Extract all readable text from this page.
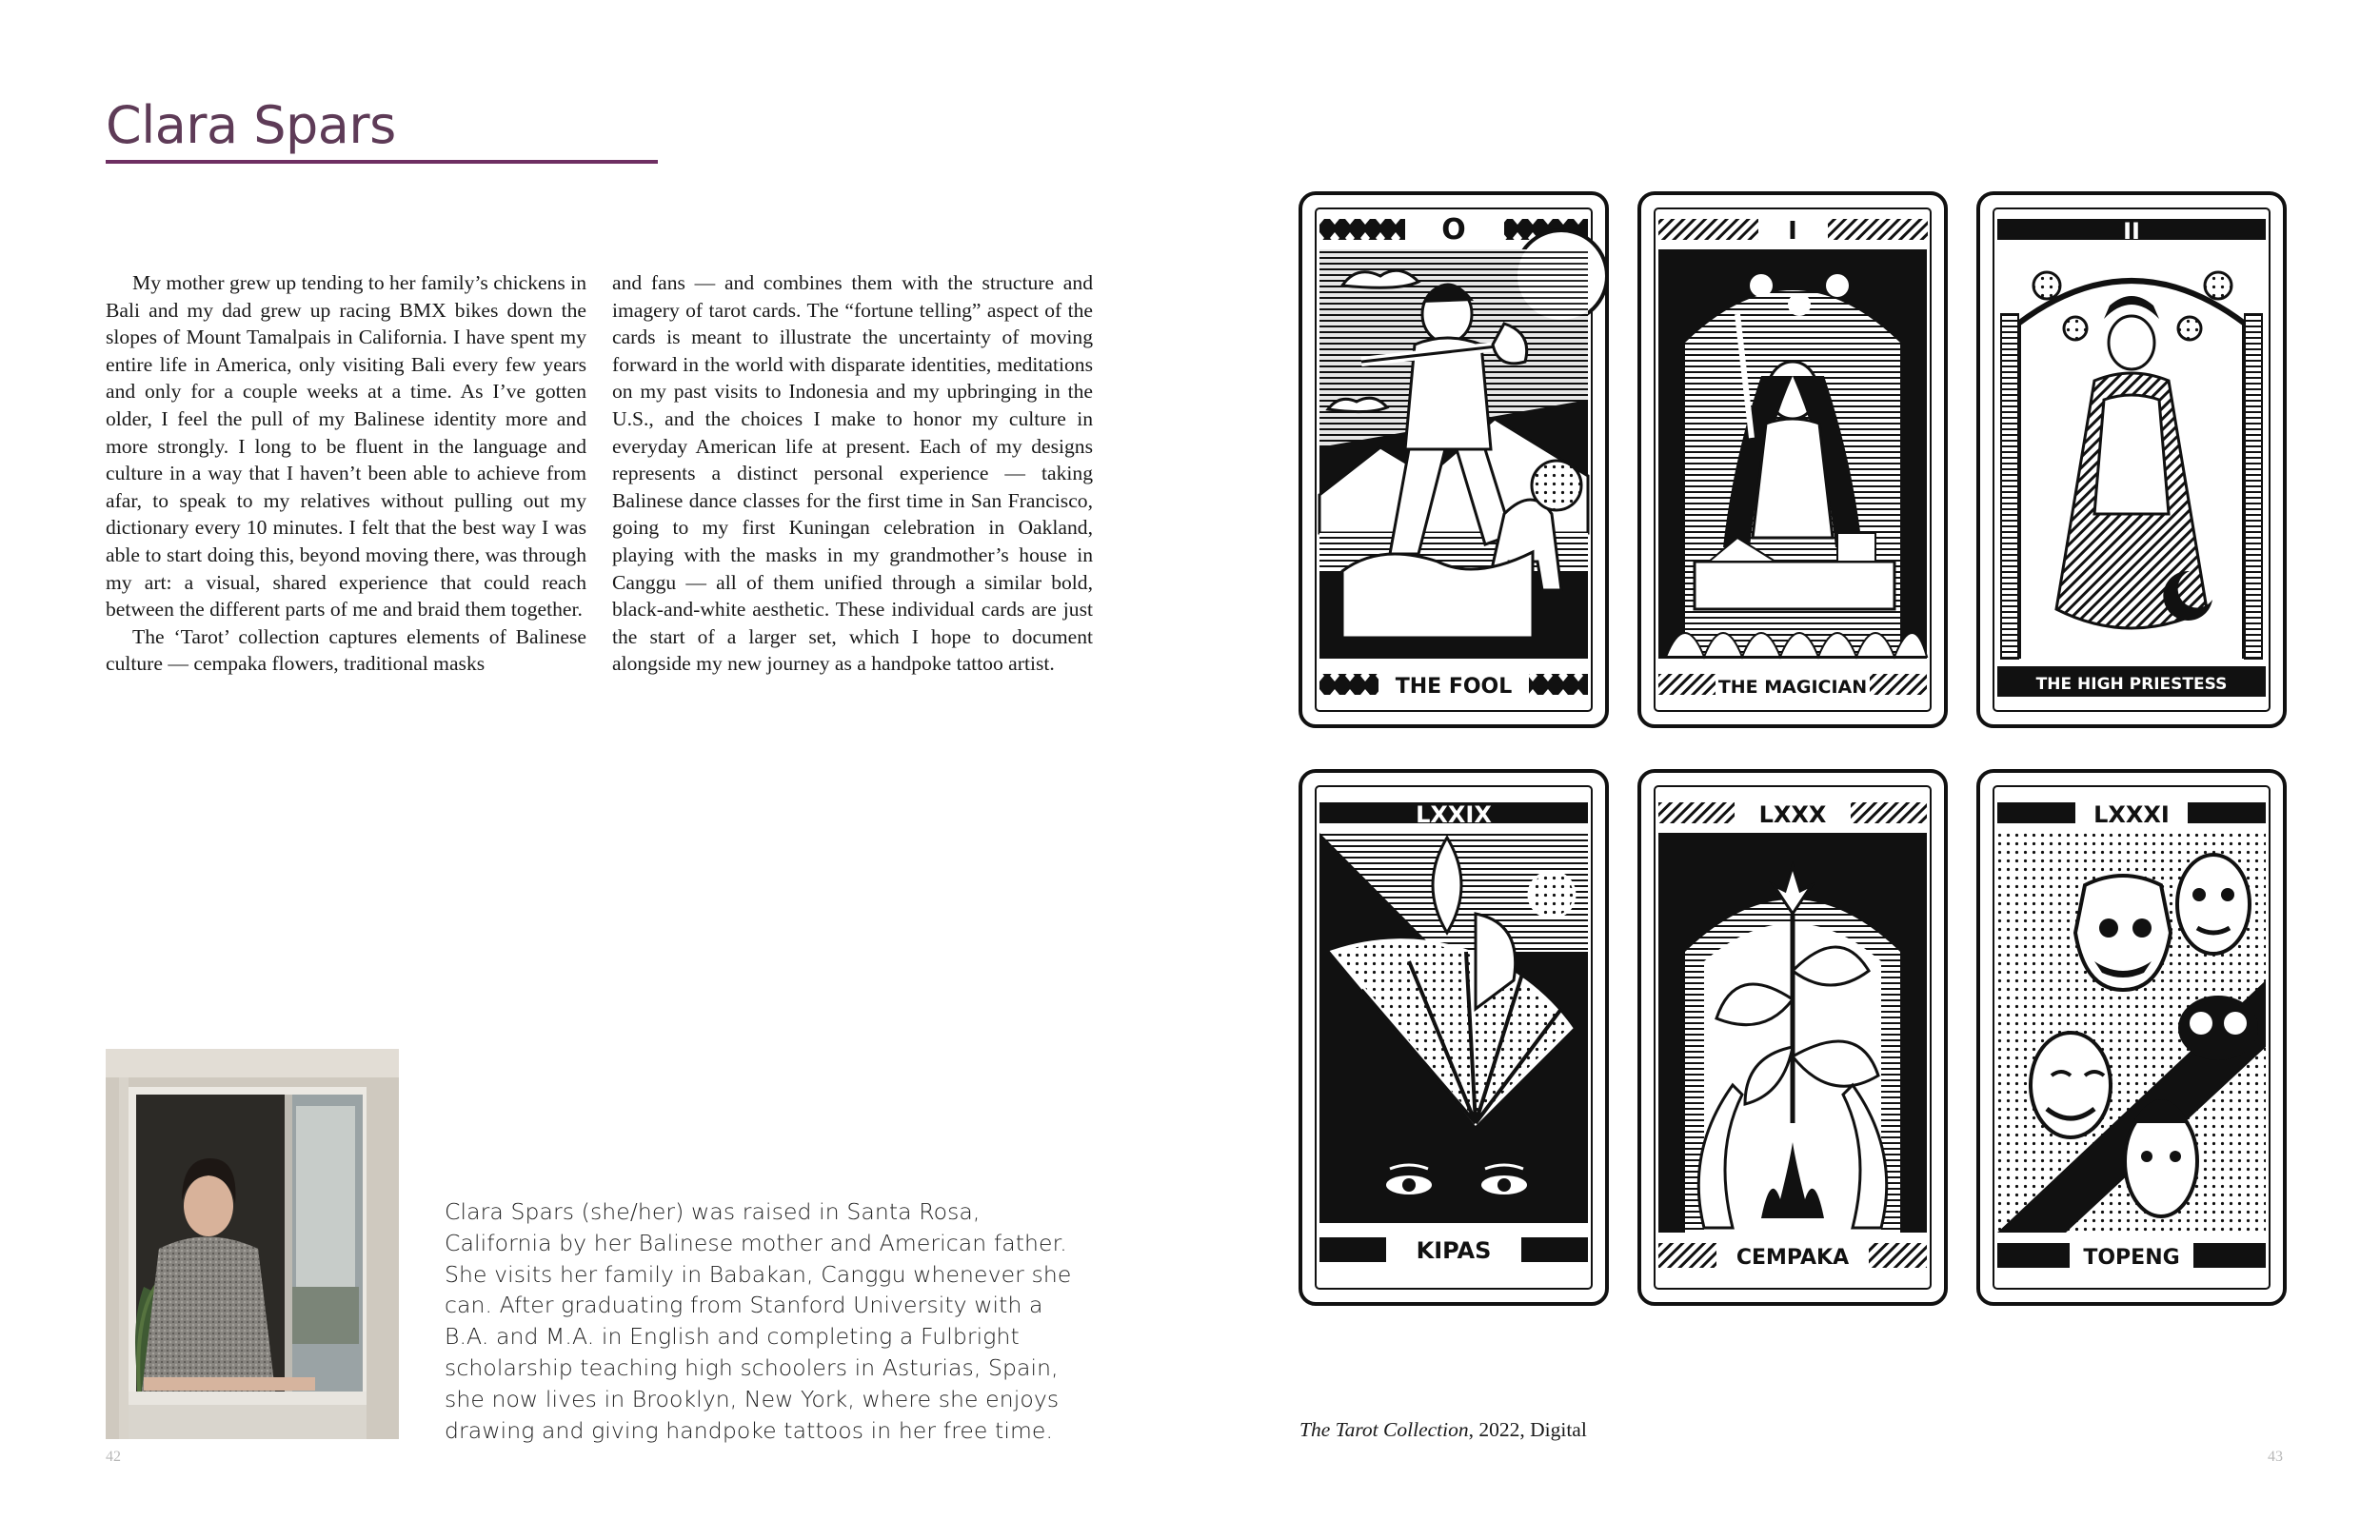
Clara Spars

My mother grew up tending to her family’s chickens in Bali and my dad grew up racing BMX bikes down the slopes of Mount Tamalpais in California. I have spent my entire life in America, only visiting Bali every few years and only for a couple weeks at a time. As I’ve gotten older, I feel the pull of my Balinese identity more and more strongly. I long to be fluent in the language and culture in a way that I haven’t been able to achieve from afar, to speak to my relatives without pulling out my dictionary every 10 minutes. I felt that the best way I was able to start doing this, beyond moving there, was through my art: a visual, shared experience that could reach between the different parts of me and braid them together.

The ‘Tarot’ collection captures elements of Balinese culture — cempaka flowers, traditional masks

and fans — and combines them with the structure and imagery of tarot cards. The “fortune telling” aspect of the cards is meant to illustrate the uncertainty of moving forward in the world with disparate identities, meditations on my past visits to Indonesia and my upbringing in the U.S., and the choices I make to honor my culture in everyday American life at present. Each of my designs represents a distinct personal experience — taking Balinese dance classes for the first time in San Francisco, going to my first Kuningan celebration in Oakland, playing with the masks in my grandmother’s house in Canggu — all of them unified through a similar bold, black-and-white aesthetic. These individual cards are just the start of a larger set, which I hope to document alongside my new journey as a handpoke tattoo artist.

Clara Spars (she/her) was raised in Santa Rosa, California by her Balinese mother and American father. She visits her family in Babakan, Canggu whenever she can. After graduating from Stanford University with a B.A. and M.A. in English and completing a Fulbright scholarship teaching high schoolers in Asturias, Spain, she now lives in Brooklyn, New York, where she enjoys drawing and giving handpoke tattoos in her free time.

42
O
THE FOOL
I
THE MAGICIAN
II
THE HIGH PRIESTESS
LXXIX
KIPAS
LXXX
CEMPAKA
LXXXI
TOPENG
The Tarot Collection, 2022, Digital
43
